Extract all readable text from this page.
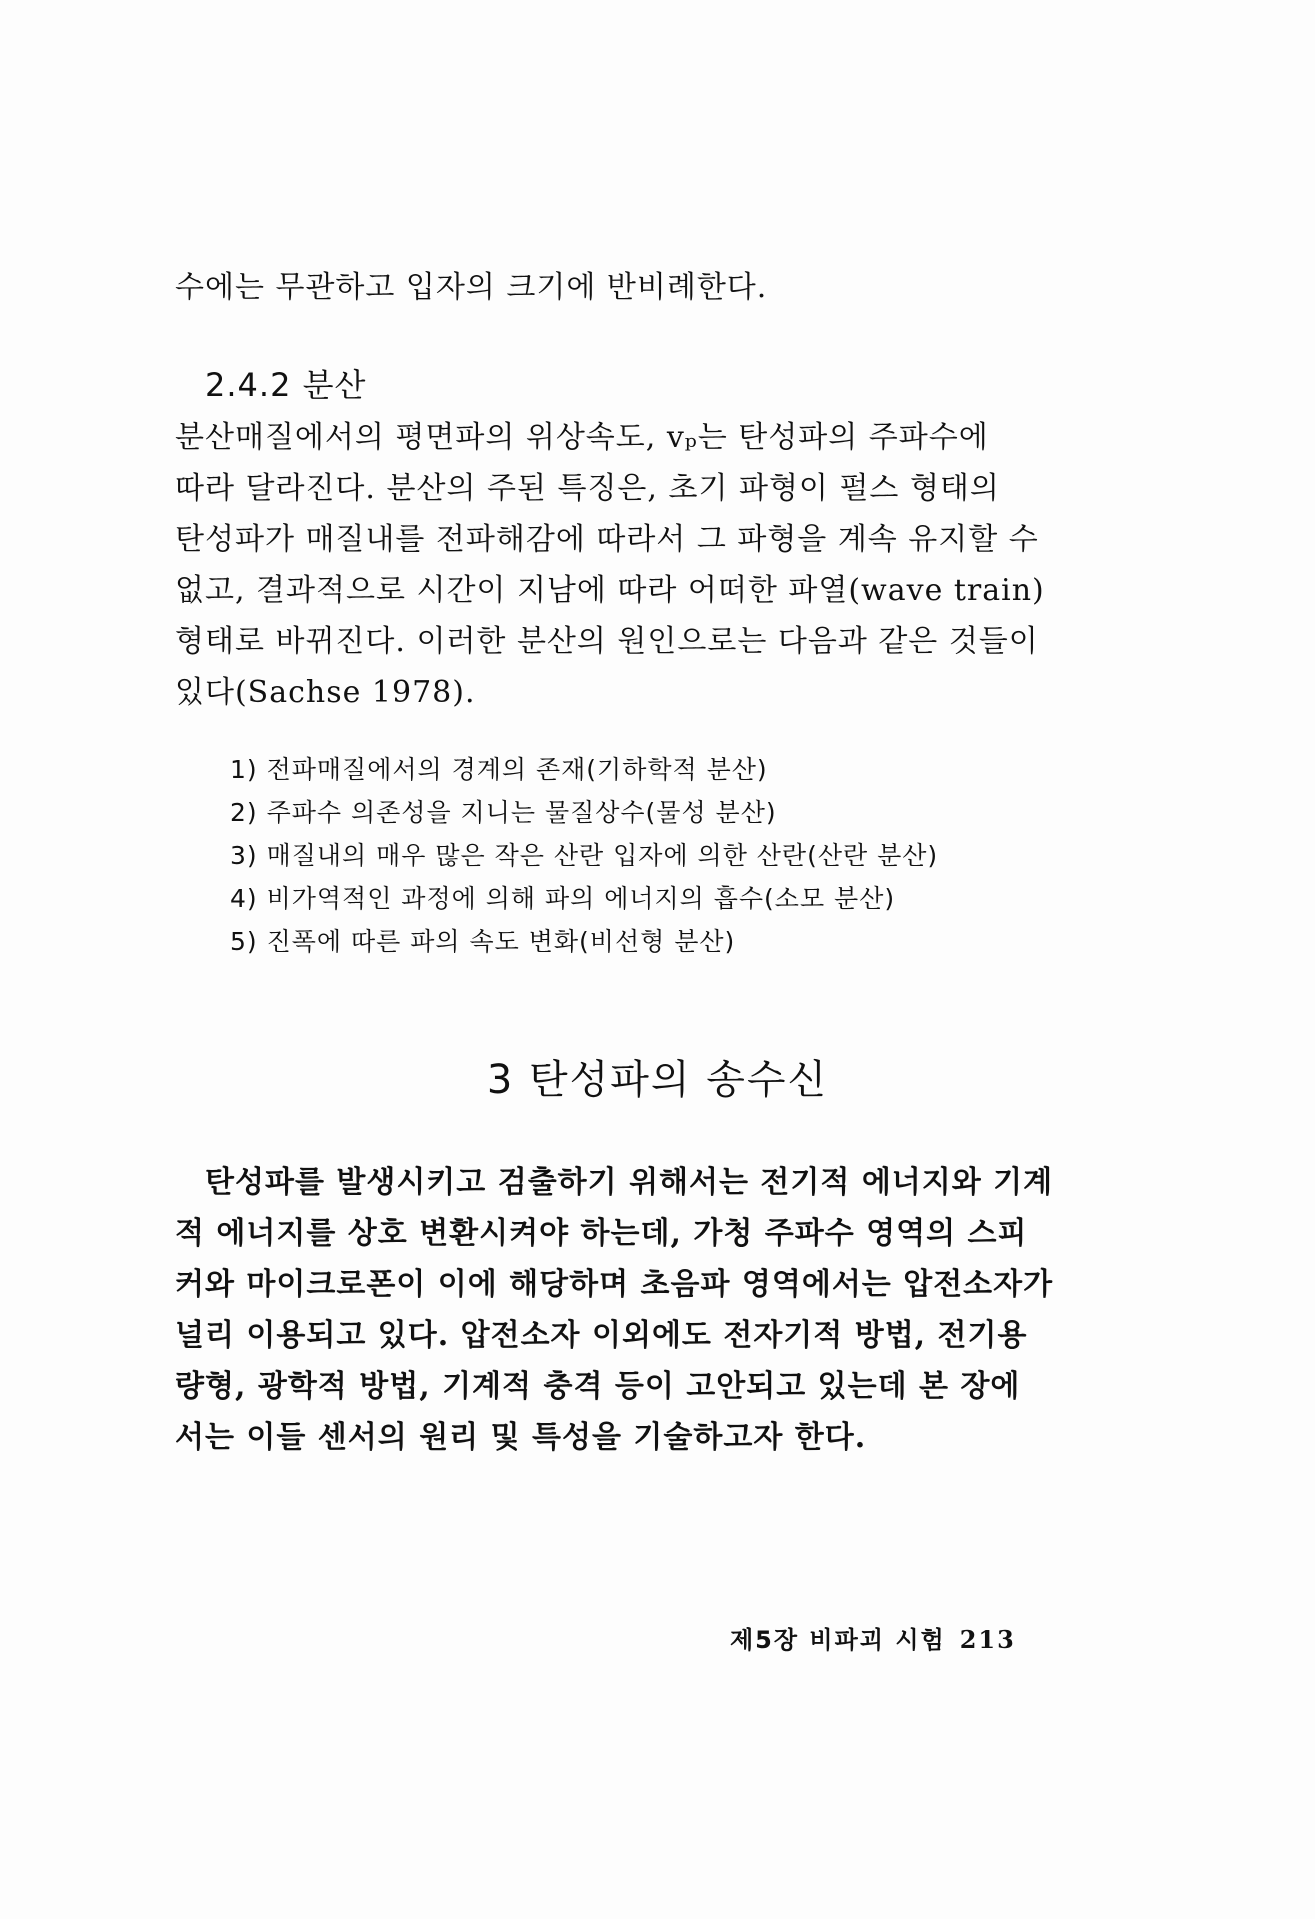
수에는 무관하고 입자의 크기에 반비례한다.
2.4.2 분산
분산매질에서의 평면파의 위상속도, vₚ는 탄성파의 주파수에
따라 달라진다. 분산의 주된 특징은, 초기 파형이 펄스 형태의
탄성파가 매질내를 전파해감에 따라서 그 파형을 계속 유지할 수
없고, 결과적으로 시간이 지남에 따라 어떠한 파열(wave train)
형태로 바뀌진다. 이러한 분산의 원인으로는 다음과 같은 것들이
있다(Sachse 1978).
1) 전파매질에서의 경계의 존재(기하학적 분산)
2) 주파수 의존성을 지니는 물질상수(물성 분산)
3) 매질내의 매우 많은 작은 산란 입자에 의한 산란(산란 분산)
4) 비가역적인 과정에 의해 파의 에너지의 흡수(소모 분산)
5) 진폭에 따른 파의 속도 변화(비선형 분산)
3 탄성파의 송수신
탄성파를 발생시키고 검출하기 위해서는 전기적 에너지와 기계
적 에너지를 상호 변환시켜야 하는데, 가청 주파수 영역의 스피
커와 마이크로폰이 이에 해당하며 초음파 영역에서는 압전소자가
널리 이용되고 있다. 압전소자 이외에도 전자기적 방법, 전기용
량형, 광학적 방법, 기계적 충격 등이 고안되고 있는데 본 장에
서는 이들 센서의 원리 및 특성을 기술하고자 한다.
제5장 비파괴 시험 213
